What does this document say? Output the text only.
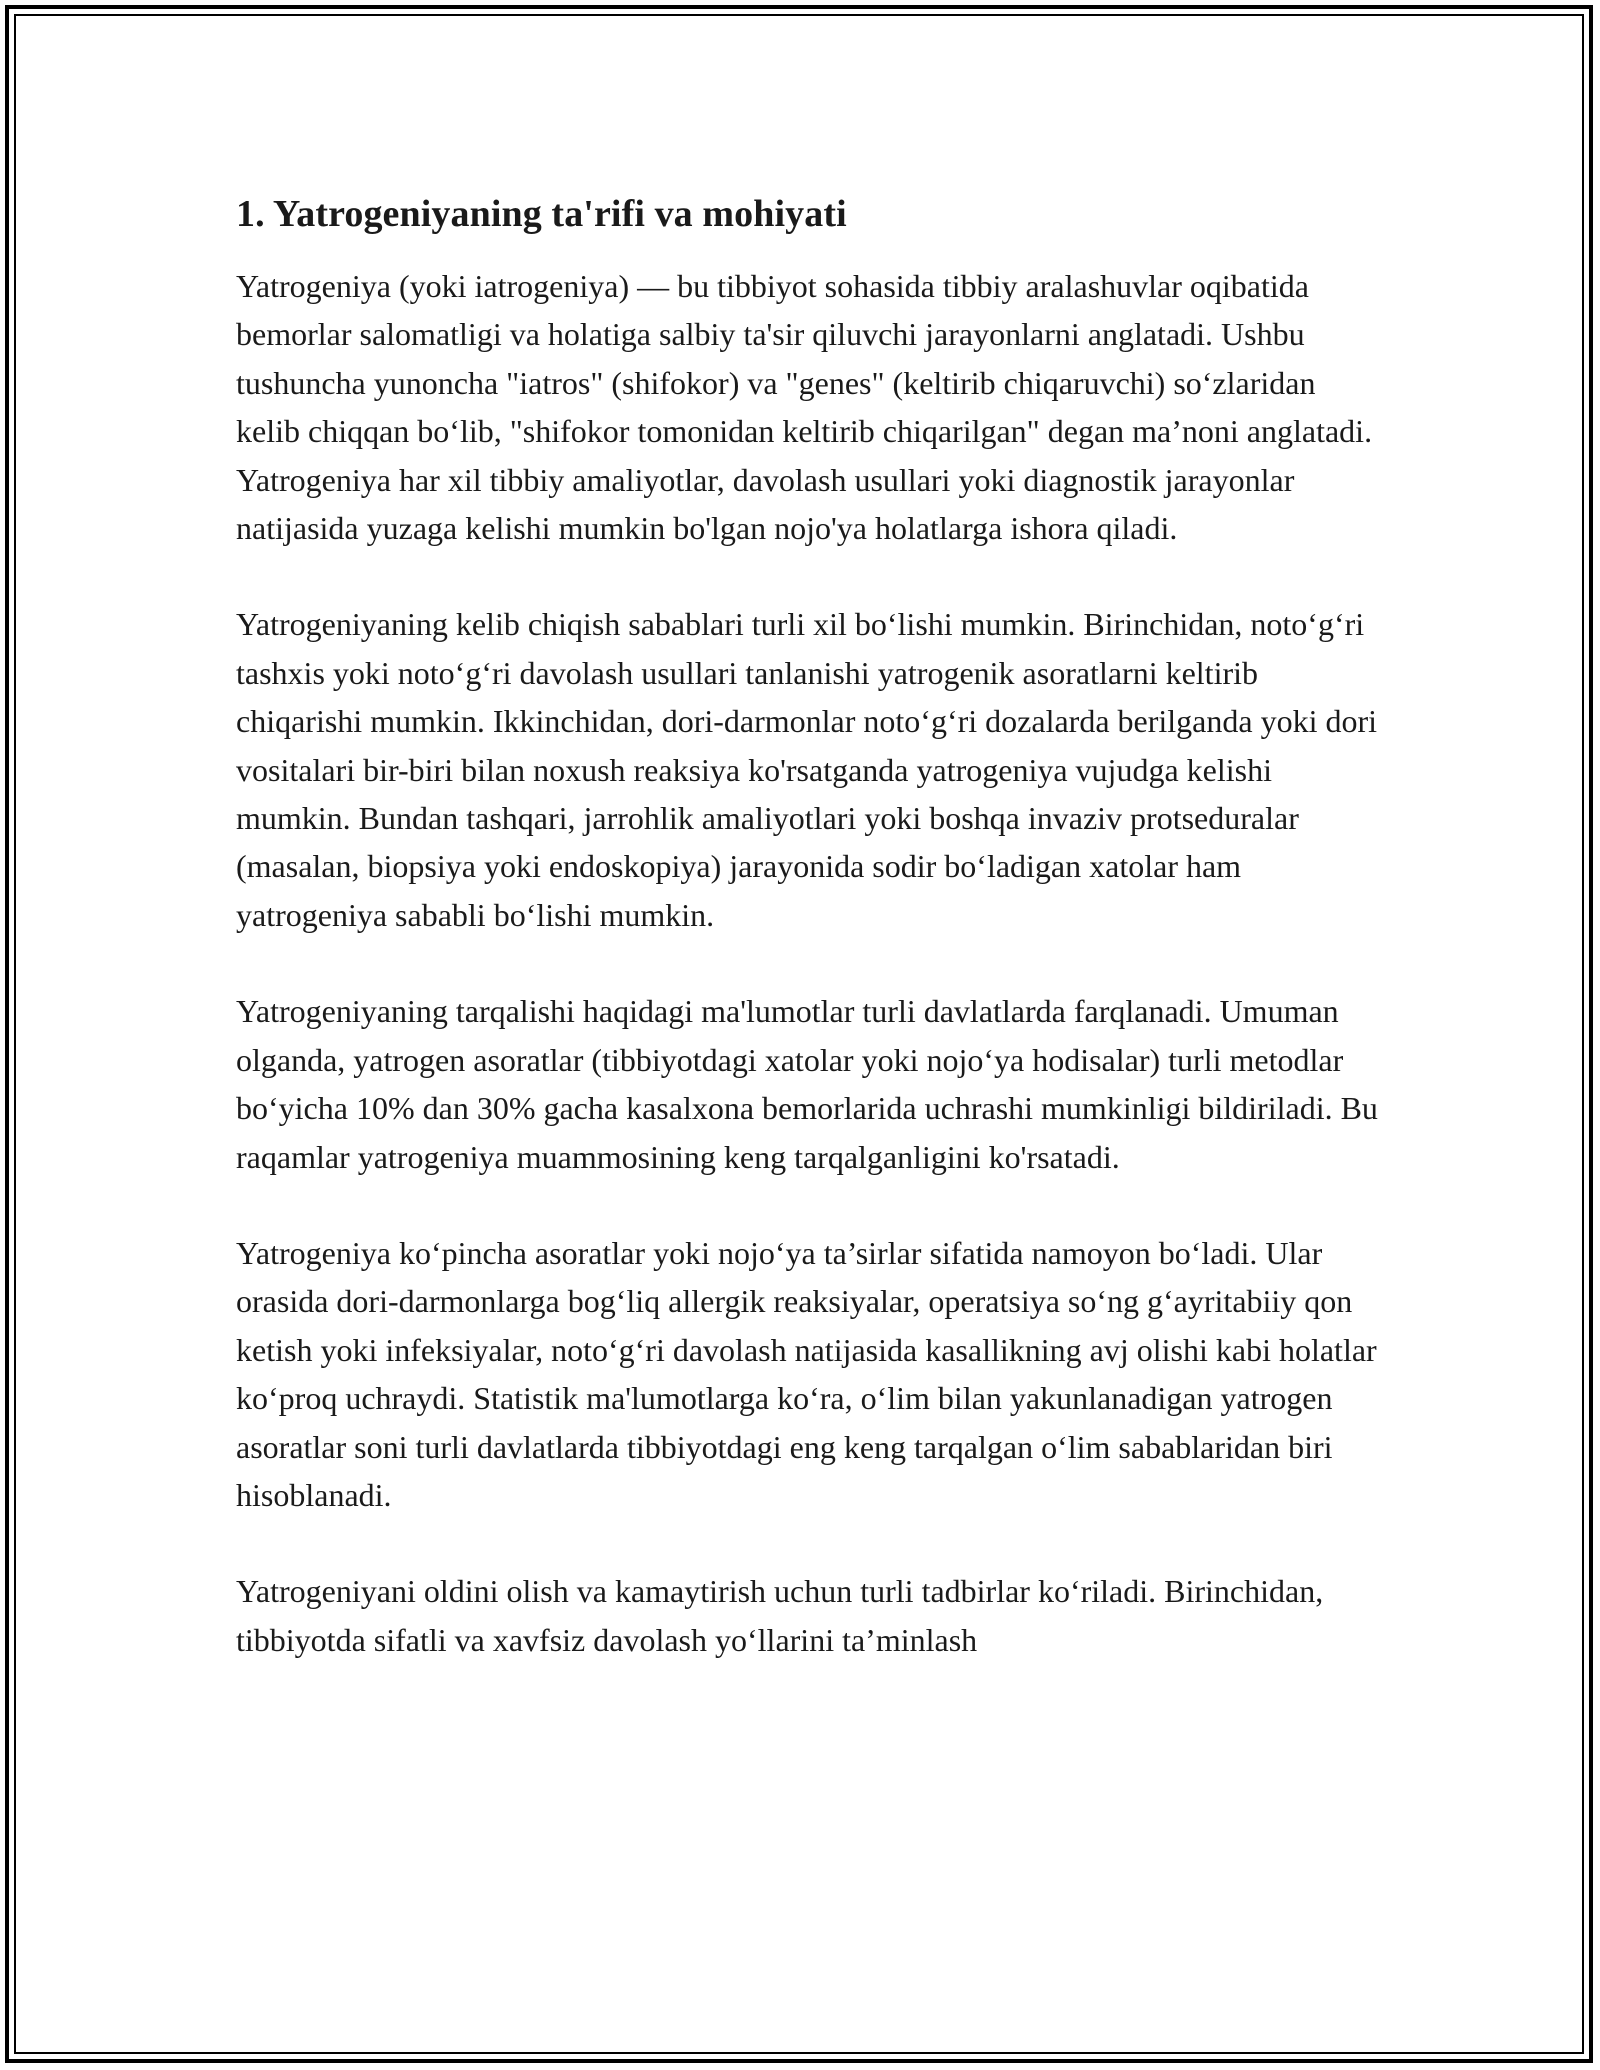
1. Yatrogeniyaning ta'rifi va mohiyati

Yatrogeniya (yoki iatrogeniya) — bu tibbiyot sohasida tibbiy aralashuvlar oqibatida bemorlar salomatligi va holatiga salbiy ta'sir qiluvchi jarayonlarni anglatadi. Ushbu tushuncha yunoncha "iatros" (shifokor) va "genes" (keltirib chiqaruvchi) so‘zlaridan kelib chiqqan bo‘lib, "shifokor tomonidan keltirib chiqarilgan" degan ma’noni anglatadi. Yatrogeniya har xil tibbiy amaliyotlar, davolash usullari yoki diagnostik jarayonlar natijasida yuzaga kelishi mumkin bo'lgan nojo'ya holatlarga ishora qiladi.

Yatrogeniyaning kelib chiqish sabablari turli xil bo‘lishi mumkin. Birinchidan, noto‘g‘ri tashxis yoki noto‘g‘ri davolash usullari tanlanishi yatrogenik asoratlarni keltirib chiqarishi mumkin. Ikkinchidan, dori-darmonlar noto‘g‘ri dozalarda berilganda yoki dori vositalari bir-biri bilan noxush reaksiya ko'rsatganda yatrogeniya vujudga kelishi mumkin. Bundan tashqari, jarrohlik amaliyotlari yoki boshqa invaziv protseduralar (masalan, biopsiya yoki endoskopiya) jarayonida sodir bo‘ladigan xatolar ham yatrogeniya sababli bo‘lishi mumkin.

Yatrogeniyaning tarqalishi haqidagi ma'lumotlar turli davlatlarda farqlanadi. Umuman olganda, yatrogen asoratlar (tibbiyotdagi xatolar yoki nojo‘ya hodisalar) turli metodlar bo‘yicha 10% dan 30% gacha kasalxona bemorlarida uchrashi mumkinligi bildiriladi. Bu raqamlar yatrogeniya muammosining keng tarqalganligini ko'rsatadi.

Yatrogeniya ko‘pincha asoratlar yoki nojo‘ya ta’sirlar sifatida namoyon bo‘ladi. Ular orasida dori-darmonlarga bog‘liq allergik reaksiyalar, operatsiya so‘ng g‘ayritabiiy qon ketish yoki infeksiyalar, noto‘g‘ri davolash natijasida kasallikning avj olishi kabi holatlar ko‘proq uchraydi. Statistik ma'lumotlarga ko‘ra, o‘lim bilan yakunlanadigan yatrogen asoratlar soni turli davlatlarda tibbiyotdagi eng keng tarqalgan o‘lim sabablaridan biri hisoblanadi.

Yatrogeniyani oldini olish va kamaytirish uchun turli tadbirlar ko‘riladi. Birinchidan, tibbiyotda sifatli va xavfsiz davolash yo‘llarini ta’minlash
